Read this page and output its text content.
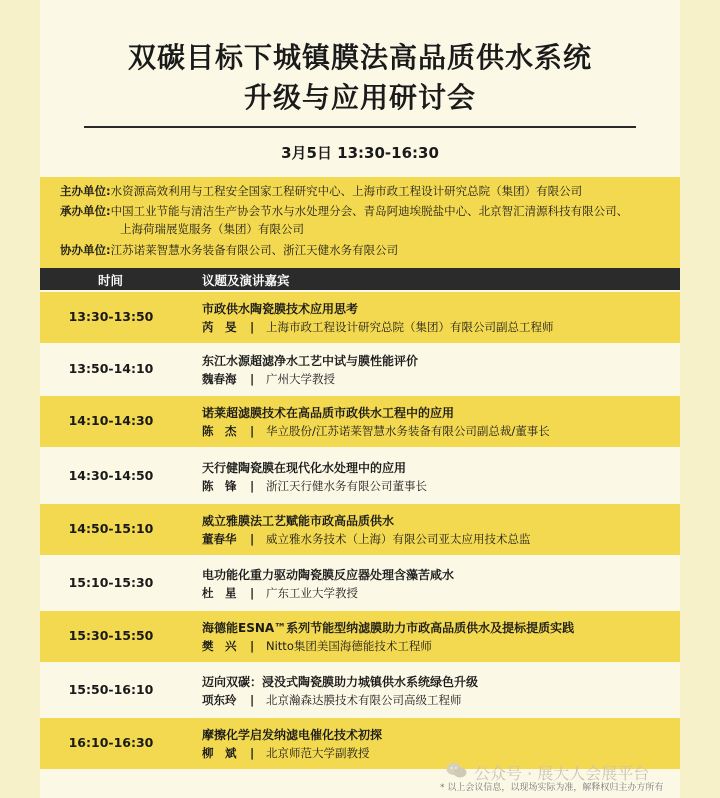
双碳目标下城镇膜法高品质供水系统
升级与应用研讨会
3月5日 13:30-16:30
主办单位:水资源高效利用与工程安全国家工程研究中心、上海市政工程设计研究总院（集团）有限公司
承办单位:中国工业节能与清洁生产协会节水与水处理分会、青岛阿迪埃脱盐中心、北京智汇清源科技有限公司、
上海荷瑞展览服务（集团）有限公司
协办单位:江苏诺莱智慧水务装备有限公司、浙江天健水务有限公司
时间	议题及演讲嘉宾
13:30-13:50	市政供水陶瓷膜技术应用思考
芮　旻 | 上海市政工程设计研究总院（集团）有限公司副总工程师
13:50-14:10	东江水源超滤净水工艺中试与膜性能评价
魏春海 | 广州大学教授
14:10-14:30	诺莱超滤膜技术在高品质市政供水工程中的应用
陈　杰 | 华立股份/江苏诺莱智慧水务装备有限公司副总裁/董事长
14:30-14:50	天行健陶瓷膜在现代化水处理中的应用
陈　锋 | 浙江天行健水务有限公司董事长
14:50-15:10	威立雅膜法工艺赋能市政高品质供水
董春华 | 威立雅水务技术（上海）有限公司亚太应用技术总监
15:10-15:30	电功能化重力驱动陶瓷膜反应器处理含藻苦咸水
杜　星 | 广东工业大学教授
15:30-15:50	海德能ESNA™系列节能型纳滤膜助力市政高品质供水及提标提质实践
樊　兴 | Nitto集团美国海德能技术工程师
15:50-16:10	迈向双碳：浸没式陶瓷膜助力城镇供水系统绿色升级
项东玲 | 北京瀚森达膜技术有限公司高级工程师
16:10-16:30	摩擦化学启发纳滤电催化技术初探
柳　斌 | 北京师范大学副教授
公众号 · 展大人会展平台
* 以上会议信息，以现场实际为准，解释权归主办方所有
